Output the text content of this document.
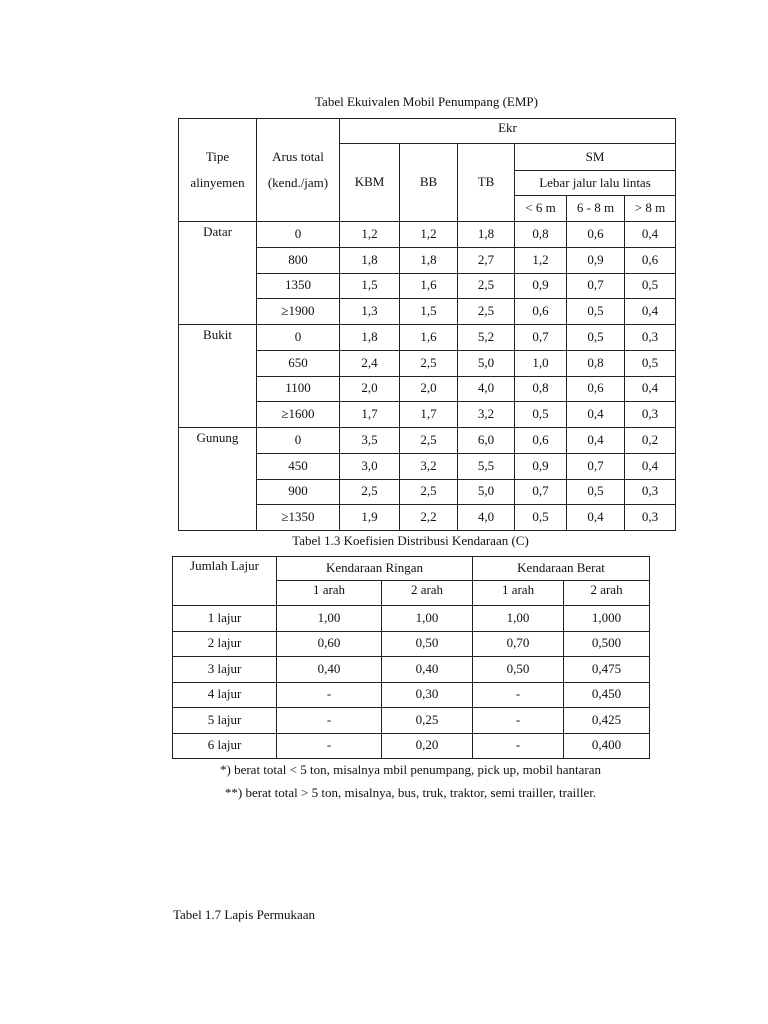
Tabel Ekuivalen Mobil Penumpang (EMP)
		Ekr					
Tipe	Arus total	KBM	BB	TB	SM		
alinyemen	(kend./jam)				Lebar jalur lalu lintas		
					< 6 m	6 - 8 m	> 8 m
Datar	0	1,2	1,2	1,8	0,8	0,6	0,4
	800	1,8	1,8	2,7	1,2	0,9	0,6
	1350	1,5	1,6	2,5	0,9	0,7	0,5
	≥1900	1,3	1,5	2,5	0,6	0,5	0,4
Bukit	0	1,8	1,6	5,2	0,7	0,5	0,3
	650	2,4	2,5	5,0	1,0	0,8	0,5
	1100	2,0	2,0	4,0	0,8	0,6	0,4
	≥1600	1,7	1,7	3,2	0,5	0,4	0,3
Gunung	0	3,5	2,5	6,0	0,6	0,4	0,2
	450	3,0	3,2	5,5	0,9	0,7	0,4
	900	2,5	2,5	5,0	0,7	0,5	0,3
	≥1350	1,9	2,2	4,0	0,5	0,4	0,3
Tabel 1.3 Koefisien Distribusi Kendaraan (C)
Jumlah Lajur	Kendaraan Ringan		Kendaraan Berat	
	1 arah	2 arah	1 arah	2 arah
1 lajur	1,00	1,00	1,00	1,000
2 lajur	0,60	0,50	0,70	0,500
3 lajur	0,40	0,40	0,50	0,475
4 lajur	-	0,30	-	0,450
5 lajur	-	0,25	-	0,425
6 lajur	-	0,20	-	0,400
*) berat total < 5 ton, misalnya mbil penumpang, pick up, mobil hantaran
**) berat total > 5 ton, misalnya, bus, truk, traktor, semi trailler, trailler.
Tabel 1.7 Lapis Permukaan
